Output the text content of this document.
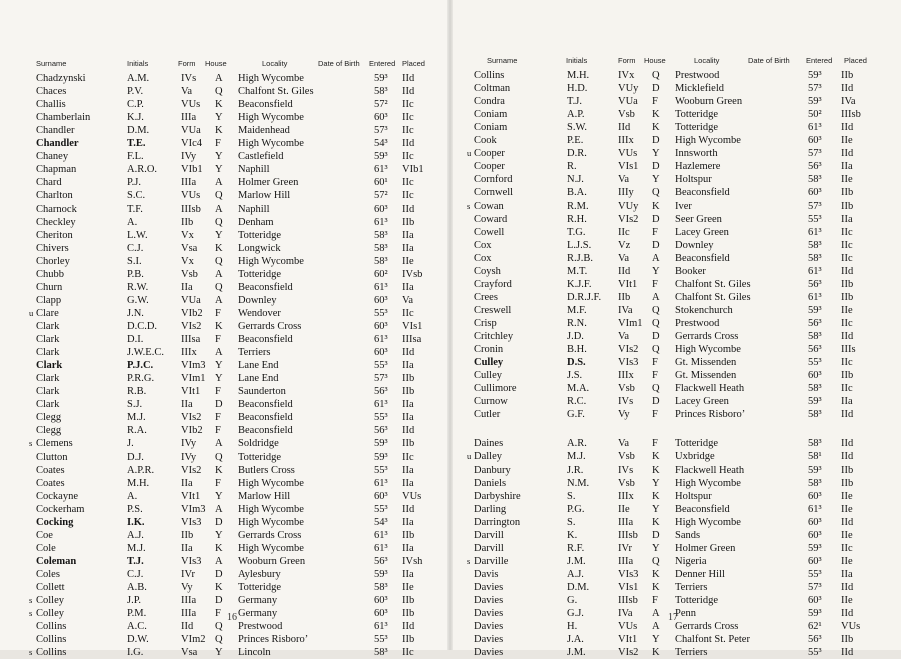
Surname	Initials	Form House	Locality	Date of Birth Entered Placed
Chadzynski	A.M.	IVs A High Wycombe	59³ IId
Chaces	P.V.	Va Q Chalfont St. Giles	58³ IId
Challis	C.P.	VUs K Beaconsfield	57² IIc
Chamberlain	K.J.	IIIa Y High Wycombe	60³ IIc
Chandler	D.M.	VUa K Maidenhead	57³ IIc
Chandler	T.E.	VIc4 F High Wycombe	54³ IId
Chaney	F.L.	IVy Y Castlefield	59³ IIc
Chapman	A.R.O. VIb1 Y Naphill	61³ VIb1
Chard	P.J.	IIIa A Holmer Green	60¹ IIc
Charlton	S.C.	VUs Q Marlow Hill	57² IIc
Charnock	T.F.	IIIsb A Naphill	60³ IId
Checkley	A.	IIb Q Denham	61³ IIb
Cheriton	L.W.	Vx Y Totteridge	58³ IIa
Chivers	C.J.	Vsa K Longwick	58³ IIa
Chorley	S.I.	Vx Q High Wycombe	58³ IIe
Chubb	P.B.	Vsb A Totteridge	60² IVsb
Churn	R.W.	IIa Q Beaconsfield	61³ IIa
Clapp	G.W.	VUa A Downley	60³ Va
u Clare	J.N.	VIb2 F Wendover	55³ IIc
Clark	D.C.D. VIs2 K Gerrards Cross	60³ VIs1
Clark	D.I.	IIIsa F Beaconsfield	61³ IIIsa
Clark	J.W.E.C. IIIx A Terriers	60³ IId
Clark	P.J.C.	VIm3 Y Lane End	55³ IIa
Clark	P.R.G.	VIm1 Y Lane End	57³ IIb
Clark	R.B.	VIt1 F Saunderton	56³ IIb
Clark	S.J.	IIa D Beaconsfield	61³ IIa
Clegg	M.J.	VIs2 F Beaconsfield	55³ IIa
Clegg	R.A.	VIb2 F Beaconsfield	56³ IId
s Clemens	J.	IVy A Soldridge	59³ IIb
Clutton	D.J.	IVy Q Totteridge	59³ IIc
Coates	A.P.R.	VIs2 K Butlers Cross	55³ IIa
Coates	M.H.	IIa F High Wycombe	61³ IIa
Cockayne	A.	VIt1 Y Marlow Hill	60³ VUs
Cockerham	P.S.	VIm3 A High Wycombe	55³ IId
Cocking	I.K.	VIs3 D High Wycombe	54³ IIa
Coe	A.J.	IIb Y Gerrards Cross	61³ IIb
Cole	M.J.	IIa K High Wycombe	61³ IIa
Coleman	T.J.	VIs3 A Wooburn Green	56³ IVsh
Coles	C.J.	IVr D Aylesbury	59³ IIa
Collett	A.B.	Vy K Totteridge	58³ IIe
s Colley	J.P.	IIIa D Germany	60³ IIb
s Colley	P.M.	IIIa F Germany	60³ IIb
Collins	A.C.	IId Q Prestwood	61³ IId
Collins	D.W.	VIm2 Q Princes Risboro’	55³ IIb
s Collins	I.G.	Vsa Y Lincoln	58³ IIc
16
Surname	Initials	Form House	Locality	Date of Birth Entered Placed
Collins	M.H.	IVx Q Prestwood	59³ IIb
Coltman	H.D.	VUy D Micklefield	57³ IId
Condra	T.J.	VUa F Wooburn Green	59³ IVa
Coniam	A.P.	Vsb K Totteridge	50² IIIsb
Coniam	S.W.	IId K Totteridge	61³ IId
Cook	P.E.	IIIx D High Wycombe	60³ IIe
u Cooper	D.R.	VUs Y Innsworth	57³ IId
Cooper	R.	VIs1 D Hazlemere	56³ IIa
Cornford	N.J.	Va Y Holtspur	58³ IIe
Cornwell	B.A.	IIIy Q Beaconsfield	60³ IIb
s Cowan	R.M.	VUy K Iver	57³ IIb
Coward	R.H.	VIs2 D Seer Green	55³ IIa
Cowell	T.G.	IIc F Lacey Green	61³ IIc
Cox	L.J.S.	Vz D Downley	58³ IIc
Cox	R.J.B. Va A Beaconsfield	58³ IIc
Coysh	M.T.	IId Y Booker	61³ IId
Crayford	K.J.F.	VIt1 F Chalfont St. Giles	56³ IIb
Crees	D.R.J.F. IIb A Chalfont St. Giles	61³ IIb
Creswell	M.F.	IVa Q Stokenchurch	59³ IIe
Crisp	R.N.	VIm1 Q Prestwood	56³ IIc
Critchley	J.D.	Va D Gerrards Cross	58³ IId
Cronin	B.H.	VIs2 Q High Wycombe	56³ IIIs
Culley	D.S.	VIs3 F Gt. Missenden	55³ IIc
Culley	J.S.	IIIx F Gt. Missenden	60³ IIb
Cullimore	M.A.	Vsb Q Flackwell Heath	58³ IIc
Curnow	R.C.	IVs D Lacey Green	59³ IIa
Cutler	G.F.	Vy F Princes Risboro’	58³ IId
Daines	A.R.	Va F Totteridge	58³ IId
u Dalley	M.J.	Vsb K Uxbridge	58¹ IId
Danbury	J.R.	IVs K Flackwell Heath	59³ IIb
Daniels	N.M.	Vsb Y High Wycombe	58³ IIb
Darbyshire	S.	IIIx K Holtspur	60³ IIe
Darling	P.G.	IIe Y Beaconsfield	61³ IIe
Darrington	S.	IIIa K High Wycombe	60³ IId
Darvill	K.	IIIsb D Sands	60³ IIe
Darvill	R.F.	IVr Y Holmer Green	59³ IIc
s Darville	J.M.	IIIa Q Nigeria	60³ IIe
Davis	A.J.	VIs3 K Denner Hill	55³ IIa
Davies	D.M.	VIs1 K Terriers	57³ IId
Davies	G.	IIIsb F Totteridge	60³ IIe
Davies	G.J.	IVa A Penn	59³ IId
Davies	H.	VUs A Gerrards Cross	62¹ VUs
Davies	J.A.	VIt1 Y Chalfont St. Peter	56³ IIb
Davies	J.M.	VIs2 K Terriers	55³ IId
17
